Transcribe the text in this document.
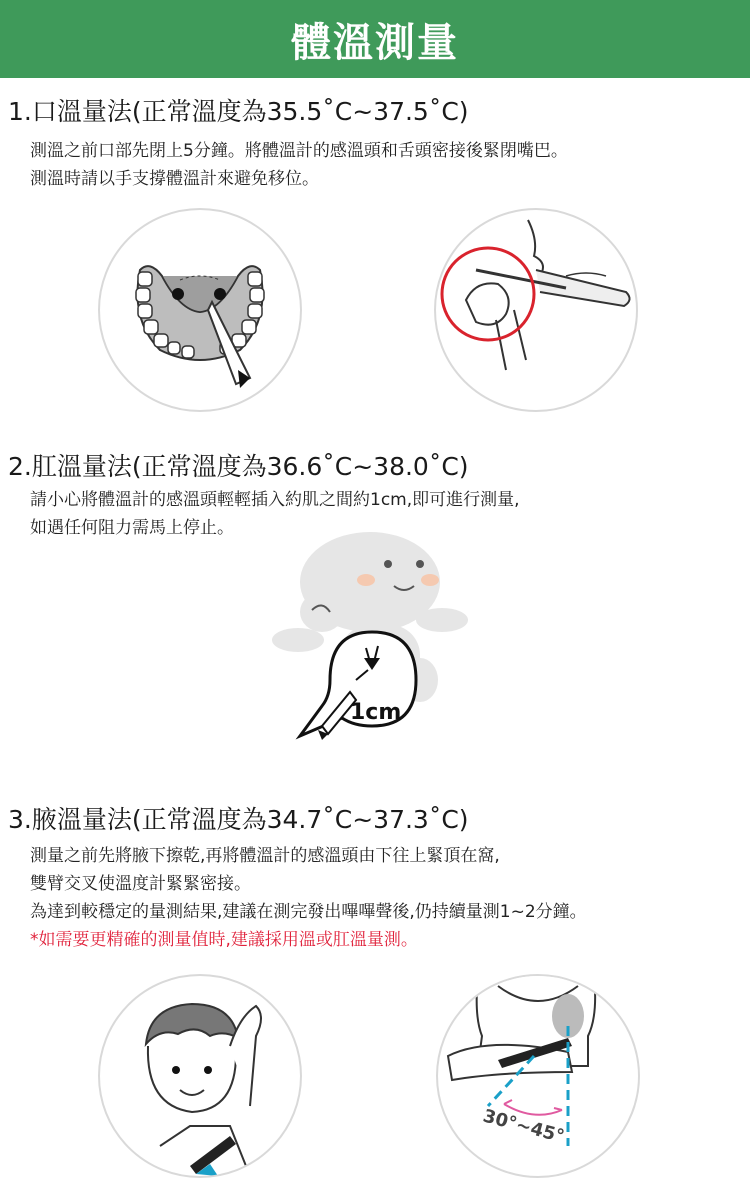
體溫測量
1.口溫量法(正常溫度為35.5˚C~37.5˚C)
測溫之前口部先閉上5分鐘。將體溫計的感溫頭和舌頭密接後緊閉嘴巴。
測溫時請以手支撐體溫計來避免移位。
2.肛溫量法(正常溫度為36.6˚C~38.0˚C)
請小心將體溫計的感溫頭輕輕插入約肌之間約1cm,即可進行測量,
如遇任何阻力需馬上停止。
1cm
3.腋溫量法(正常溫度為34.7˚C~37.3˚C)
測量之前先將腋下擦乾,再將體溫計的感溫頭由下往上緊頂在窩,
雙臂交叉使溫度計緊緊密接。
為達到較穩定的量測結果,建議在測完發出嗶嗶聲後,仍持續量測1~2分鐘。
*如需要更精確的測量值時,建議採用溫或肛溫量測。
30°~45°
